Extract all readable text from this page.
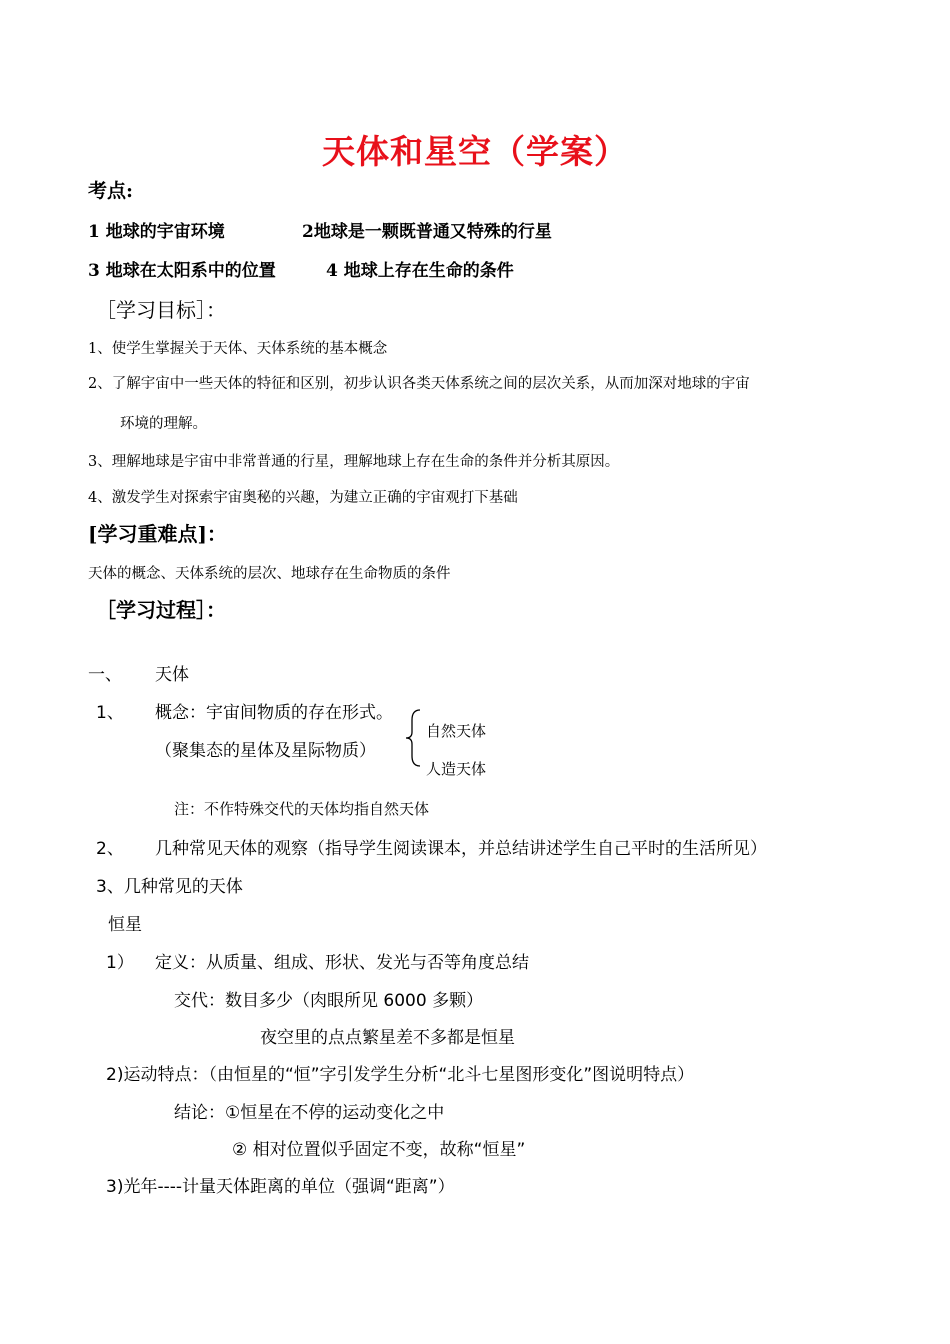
天体和星空（学案）
考点:
1 地球的宇宙环境	2地球是一颗既普通又特殊的行星
3 地球在太阳系中的位置	4 地球上存在生命的条件
［学习目标］：
1、使学生掌握关于天体、天体系统的基本概念
2、了解宇宙中一些天体的特征和区别，初步认识各类天体系统之间的层次关系，从而加深对地球的宇宙
环境的理解。
3、理解地球是宇宙中非常普通的行星，理解地球上存在生命的条件并分析其原因。
4、激发学生对探索宇宙奥秘的兴趣，为建立正确的宇宙观打下基础
[学习重难点]：
天体的概念、天体系统的层次、地球存在生命物质的条件
［学习过程］：
一、 天体
1、 概念：宇宙间物质的存在形式。
（聚集态的星体及星际物质）
自然天体
人造天体
注：不作特殊交代的天体均指自然天体
2、 几种常见天体的观察（指导学生阅读课本，并总结讲述学生自己平时的生活所见）
3、几种常见的天体
恒星
1） 定义：从质量、组成、形状、发光与否等角度总结
交代：数目多少（肉眼所见 6000 多颗）
夜空里的点点繁星差不多都是恒星
2)运动特点：（由恒星的“恒”字引发学生分析“北斗七星图形变化”图说明特点）
结论：①恒星在不停的运动变化之中
② 相对位置似乎固定不变，故称“恒星”
3)光年----计量天体距离的单位（强调“距离”）
